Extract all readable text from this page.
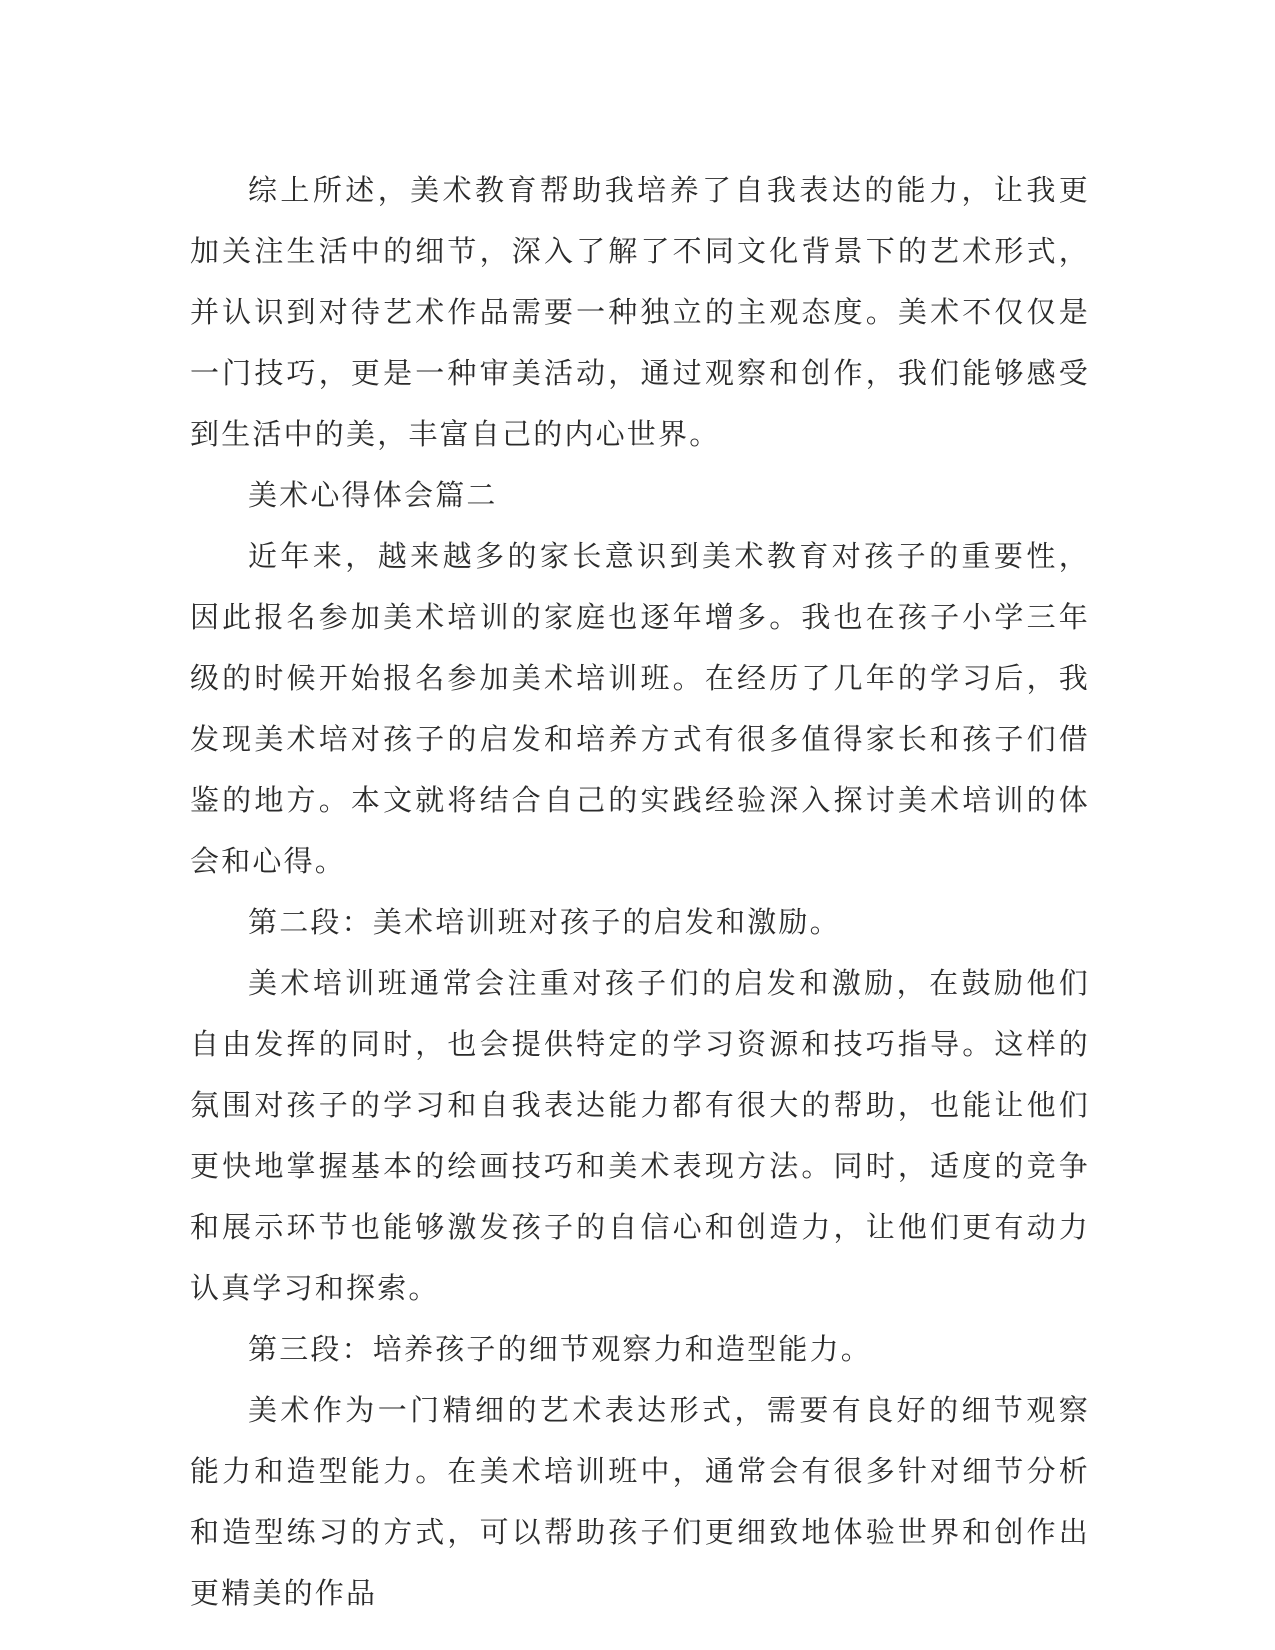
综上所述，美术教育帮助我培养了自我表达的能力，让我更加关注生活中的细节，深入了解了不同文化背景下的艺术形式，并认识到对待艺术作品需要一种独立的主观态度。美术不仅仅是一门技巧，更是一种审美活动，通过观察和创作，我们能够感受到生活中的美，丰富自己的内心世界。

美术心得体会篇二

近年来，越来越多的家长意识到美术教育对孩子的重要性，因此报名参加美术培训的家庭也逐年增多。我也在孩子小学三年级的时候开始报名参加美术培训班。在经历了几年的学习后，我发现美术培对孩子的启发和培养方式有很多值得家长和孩子们借鉴的地方。本文就将结合自己的实践经验深入探讨美术培训的体会和心得。

第二段：美术培训班对孩子的启发和激励。

美术培训班通常会注重对孩子们的启发和激励，在鼓励他们自由发挥的同时，也会提供特定的学习资源和技巧指导。这样的氛围对孩子的学习和自我表达能力都有很大的帮助，也能让他们更快地掌握基本的绘画技巧和美术表现方法。同时，适度的竞争和展示环节也能够激发孩子的自信心和创造力，让他们更有动力认真学习和探索。

第三段：培养孩子的细节观察力和造型能力。

美术作为一门精细的艺术表达形式，需要有良好的细节观察能力和造型能力。在美术培训班中，通常会有很多针对细节分析和造型练习的方式，可以帮助孩子们更细致地体验世界和创作出更精美的作品
